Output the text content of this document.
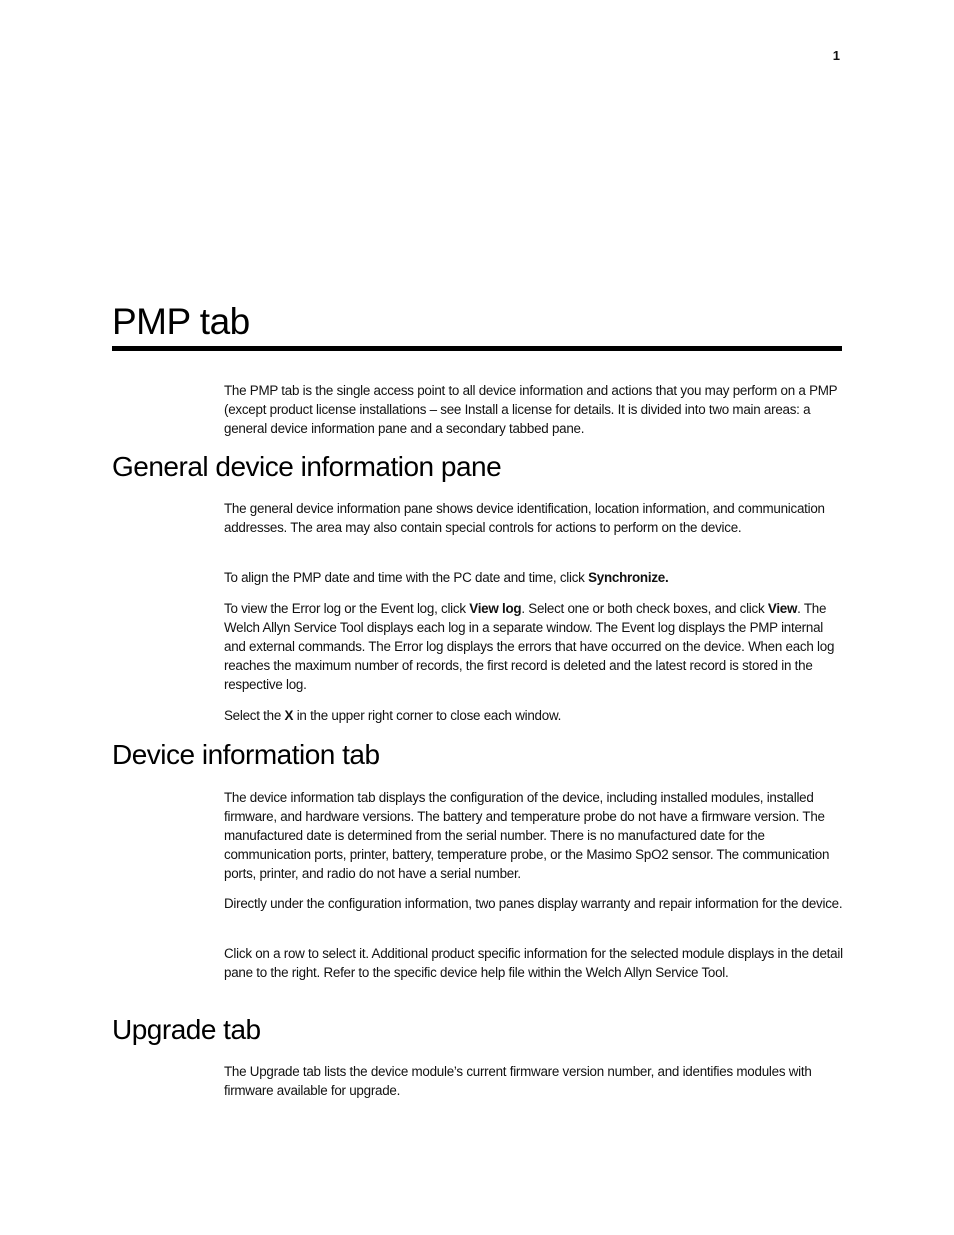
1
PMP tab

The PMP tab is the single access point to all device information and actions that you may perform on a PMP (except product license installations – see Install a license for details. It is divided into two main areas: a general device information pane and a secondary tabbed pane.

General device information pane

The general device information pane shows device identification, location information, and communication addresses. The area may also contain special controls for actions to perform on the device.

To align the PMP date and time with the PC date and time, click Synchronize.

To view the Error log or the Event log, click View log. Select one or both check boxes, and click View. The Welch Allyn Service Tool displays each log in a separate window. The Event log displays the PMP internal and external commands. The Error log displays the errors that have occurred on the device. When each log reaches the maximum number of records, the first record is deleted and the latest record is stored in the respective log.

Select the X in the upper right corner to close each window.

Device information tab

The device information tab displays the configuration of the device, including installed modules, installed firmware, and hardware versions. The battery and temperature probe do not have a firmware version. The manufactured date is determined from the serial number. There is no manufactured date for the communication ports, printer, battery, temperature probe, or the Masimo SpO2 sensor. The communication ports, printer, and radio do not have a serial number.

Directly under the configuration information, two panes display warranty and repair information for the device.

Click on a row to select it. Additional product specific information for the selected module displays in the detail pane to the right. Refer to the specific device help file within the Welch Allyn Service Tool.

Upgrade tab

The Upgrade tab lists the device module’s current firmware version number, and identifies modules with firmware available for upgrade.
